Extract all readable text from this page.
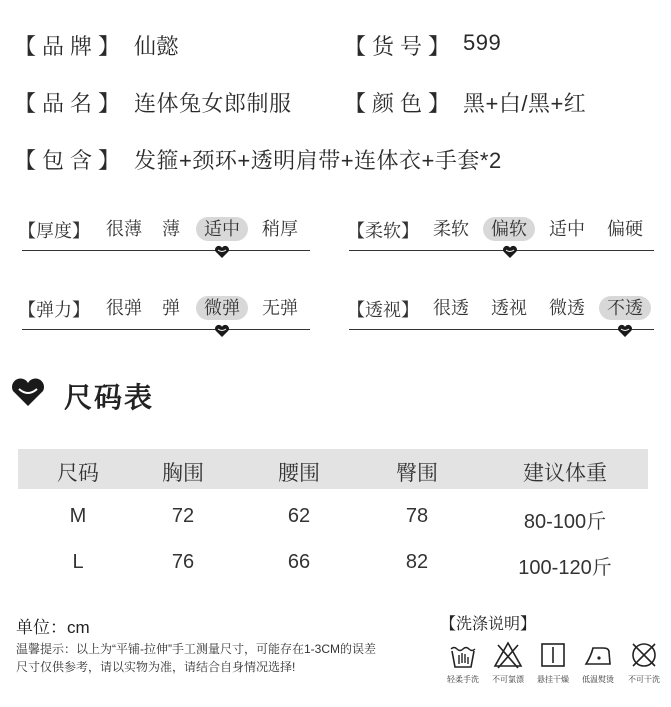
【品牌】 仙懿	【货号】 599
【品名】 连体兔女郎制服 【颜色】 黑+白/黑+红
【包含】 发箍+颈环+透明肩带+连体衣+手套*2
【厚度】 很薄 薄	适中	稍厚	【柔软】 柔软	偏软	适中 偏硬
【弹力】 很弹 弹	微弹	无弹	【透视】 很透 透视 微透	不透
尺码表
尺码	胸围	腰围	臀围	建议体重
M	72	62	78	80-100斤
L	76	66	82	100-120斤
单位：cm
温馨提示：以上为“平铺-拉伸”手工测量尺寸，可能存在1-3CM的误差
尺寸仅供参考，请以实物为准，请结合自身情况选择!
【洗涤说明】
轻柔手洗	不可氯漂	悬挂干燥	低温熨烫	不可干洗
